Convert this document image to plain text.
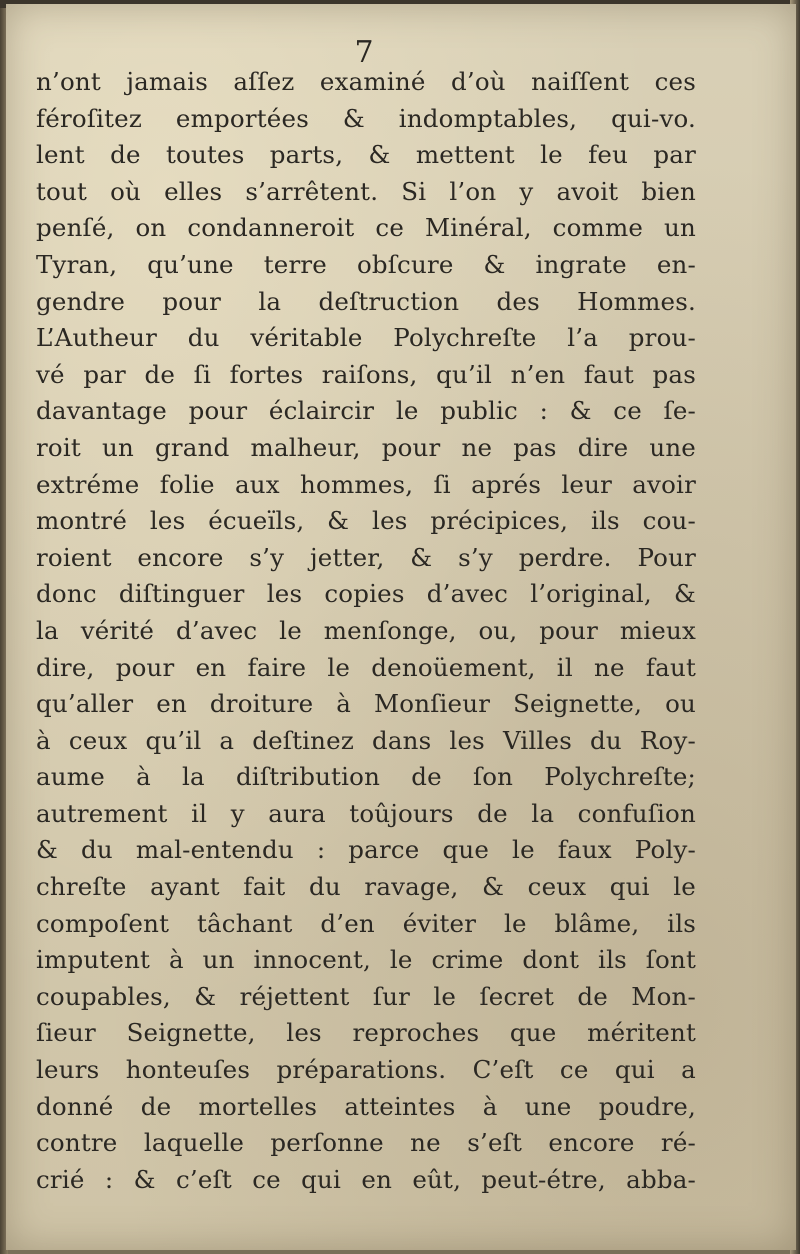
7
n’ont jamais aſſez examiné d’où naiſſent ces
féroſitez emportées & indomptables, qui-vo.
lent de toutes parts, & mettent le feu par
tout où elles s’arrêtent. Si l’on y avoit bien
penſé, on condanneroit ce Minéral, comme un
Tyran, qu’une terre obſcure & ingrate en-
gendre pour la deſtruction des Hommes.
L’Autheur du véritable Polychreſte l’a prou-
vé par de ſi fortes raiſons, qu’il n’en faut pas
davantage pour éclaircir le public : & ce ſe-
roit un grand malheur, pour ne pas dire une
extréme folie aux hommes, ſi aprés leur avoir
montré les écueïls, & les précipices, ils cou-
roient encore s’y jetter, & s’y perdre. Pour
donc diſtinguer les copies d’avec l’original, &
la vérité d’avec le menſonge, ou, pour mieux
dire, pour en faire le denoüement, il ne faut
qu’aller en droiture à Monſieur Seignette, ou
à ceux qu’il a deſtinez dans les Villes du Roy-
aume à la diſtribution de ſon Polychreſte;
autrement il y aura toûjours de la confuſion
& du mal-entendu : parce que le faux Poly-
chreſte ayant fait du ravage, & ceux qui le
compoſent tâchant d’en éviter le blâme, ils
imputent à un innocent, le crime dont ils ſont
coupables, & réjettent ſur le ſecret de Mon-
ſieur Seignette, les reproches que méritent
leurs honteuſes préparations. C’eſt ce qui a
donné de mortelles atteintes à une poudre,
contre laquelle perſonne ne s’eſt encore ré-
crié : & c’eſt ce qui en eût, peut-étre, abba-
